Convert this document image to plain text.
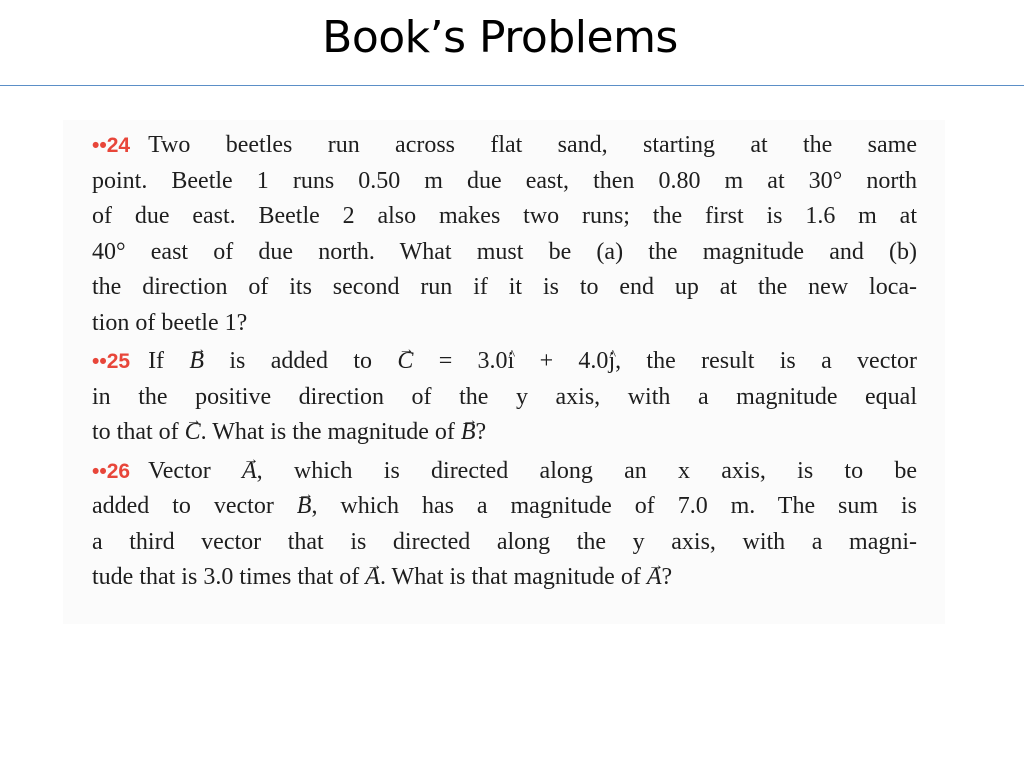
Book’s Problems
••24 Two beetles run across flat sand, starting at the same
point. Beetle 1 runs 0.50 m due east, then 0.80 m at 30° north
of due east. Beetle 2 also makes two runs; the first is 1.6 m at
40° east of due north. What must be (a) the magnitude and (b)
the direction of its second run if it is to end up at the new loca-
tion of beetle 1?
••25 If → B is added to → C = 3.0^ i + 4.0^ j, the result is a vector
in the positive direction of the y axis, with a magnitude equal
to that of → C. What is the magnitude of → B?
••26 Vector → A, which is directed along an x axis, is to be
added to vector → B, which has a magnitude of 7.0 m. The sum is
a third vector that is directed along the y axis, with a magni-
tude that is 3.0 times that of → A. What is that magnitude of → A?
